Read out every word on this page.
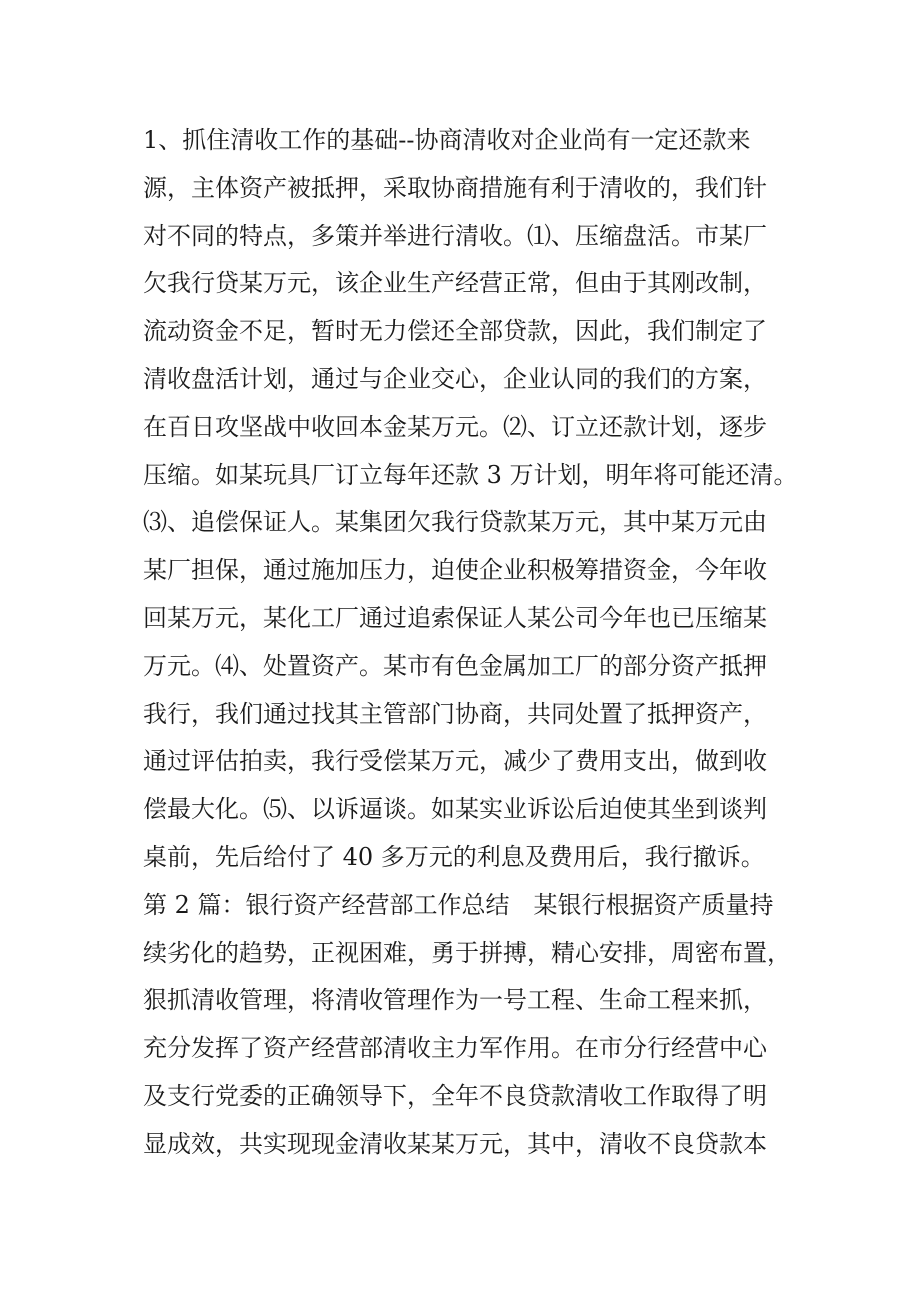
1、抓住清收工作的基础--协商清收对企业尚有一定还款来
源，主体资产被抵押，采取协商措施有利于清收的，我们针
对不同的特点，多策并举进行清收。⑴、压缩盘活。市某厂
欠我行贷某万元，该企业生产经营正常，但由于其刚改制，
流动资金不足，暂时无力偿还全部贷款，因此，我们制定了
清收盘活计划，通过与企业交心，企业认同的我们的方案，
在百日攻坚战中收回本金某万元。⑵、订立还款计划，逐步
压缩。如某玩具厂订立每年还款 3 万计划，明年将可能还清。
⑶、追偿保证人。某集团欠我行贷款某万元，其中某万元由
某厂担保，通过施加压力，迫使企业积极筹措资金，今年收
回某万元，某化工厂通过追索保证人某公司今年也已压缩某
万元。⑷、处置资产。某市有色金属加工厂的部分资产抵押
我行，我们通过找其主管部门协商，共同处置了抵押资产，
通过评估拍卖，我行受偿某万元，减少了费用支出，做到收
偿最大化。⑸、以诉逼谈。如某实业诉讼后迫使其坐到谈判
桌前，先后给付了 40 多万元的利息及费用后，我行撤诉。
第 2 篇：银行资产经营部工作总结　某银行根据资产质量持
续劣化的趋势，正视困难，勇于拼搏，精心安排，周密布置，
狠抓清收管理，将清收管理作为一号工程、生命工程来抓，
充分发挥了资产经营部清收主力军作用。在市分行经营中心
及支行党委的正确领导下，全年不良贷款清收工作取得了明
显成效，共实现现金清收某某万元，其中，清收不良贷款本
